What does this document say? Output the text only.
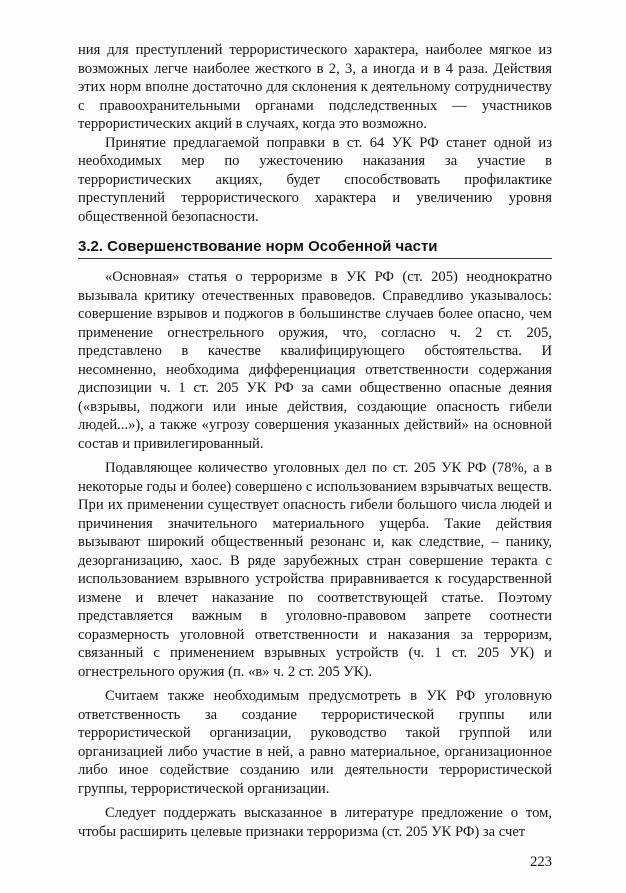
ния для преступлений террористического характера, наиболее мягкое из возможных легче наиболее жесткого в 2, 3, а иногда и в 4 раза. Действия этих норм вполне достаточно для склонения к деятельному сотрудничеству с правоохранительными органами подследственных — участников террористических акций в случаях, когда это возможно.

Принятие предлагаемой поправки в ст. 64 УК РФ станет одной из необходимых мер по ужесточению наказания за участие в террористических акциях, будет способствовать профилактике преступлений террористического характера и увеличению уровня общественной безопасности.

3.2. Совершенствование норм Особенной части

«Основная» статья о терроризме в УК РФ (ст. 205) неоднократно вызывала критику отечественных правоведов. Справедливо указывалось: совершение взрывов и поджогов в большинстве случаев более опасно, чем применение огнестрельного оружия, что, согласно ч. 2 ст. 205, представлено в качестве квалифицирующего обстоятельства. И несомненно, необходима дифференциация ответственности содержания диспозиции ч. 1 ст. 205 УК РФ за сами общественно опасные деяния («взрывы, поджоги или иные действия, создающие опасность гибели людей...»), а также «угрозу совершения указанных действий» на основной состав и привилегированный.

Подавляющее количество уголовных дел по ст. 205 УК РФ (78%, а в некоторые годы и более) совершено с использованием взрывчатых веществ. При их применении существует опасность гибели большого числа людей и причинения значительного материального ущерба. Такие действия вызывают широкий общественный резонанс и, как следствие, – панику, дезорганизацию, хаос. В ряде зарубежных стран совершение теракта с использованием взрывного устройства приравнивается к государственной измене и влечет наказание по соответствующей статье. Поэтому представляется важным в уголовно-правовом запрете соотнести соразмерность уголовной ответственности и наказания за терроризм, связанный с применением взрывных устройств (ч. 1 ст. 205 УК) и огнестрельного оружия (п. «в» ч. 2 ст. 205 УК).

Считаем также необходимым предусмотреть в УК РФ уголовную ответственность за создание террористической группы или террористической организации, руководство такой группой или организацией либо участие в ней, а равно материальное, организационное либо иное содействие созданию или деятельности террористической группы, террористической организации.

Следует поддержать высказанное в литературе предложение о том, чтобы расширить целевые признаки терроризма (ст. 205 УК РФ) за счет

223
